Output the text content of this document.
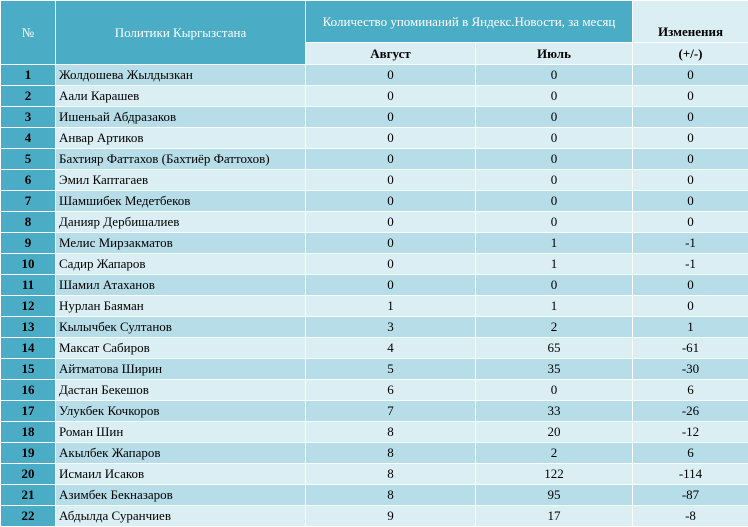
№	Политики Кыргызстана	Количество упоминаний в Яндекс.Новости, за месяц		Изменения
		Август	Июль	(+/-)
1	Жолдошева Жылдызкан	0	0	0
2	Аaли Карашев	0	0	0
3	Ишеньай Абдразаков	0	0	0
4	Анвар Артиков	0	0	0
5	Бахтияр Фаттахов (Бахтиёр Фаттохов)	0	0	0
6	Эмил Каптагаев	0	0	0
7	Шамшибек Медетбеков	0	0	0
8	Данияр Дербишалиев	0	0	0
9	Мелис Мирзакматов	0	1	-1
10	Садир Жапаров	0	1	-1
11	Шамил Атаханов	0	0	0
12	Нурлан Баяман	1	1	0
13	Кылычбек Султанов	3	2	1
14	Максат Сабиров	4	65	-61
15	Айтматова Ширин	5	35	-30
16	Дастан Бекешов	6	0	6
17	Улукбек Кочкоров	7	33	-26
18	Роман Шин	8	20	-12
19	Акылбек Жапаров	8	2	6
20	Исмаил Исаков	8	122	-114
21	Азимбек Бекназаров	8	95	-87
22	Абдылда Суранчиев	9	17	-8
